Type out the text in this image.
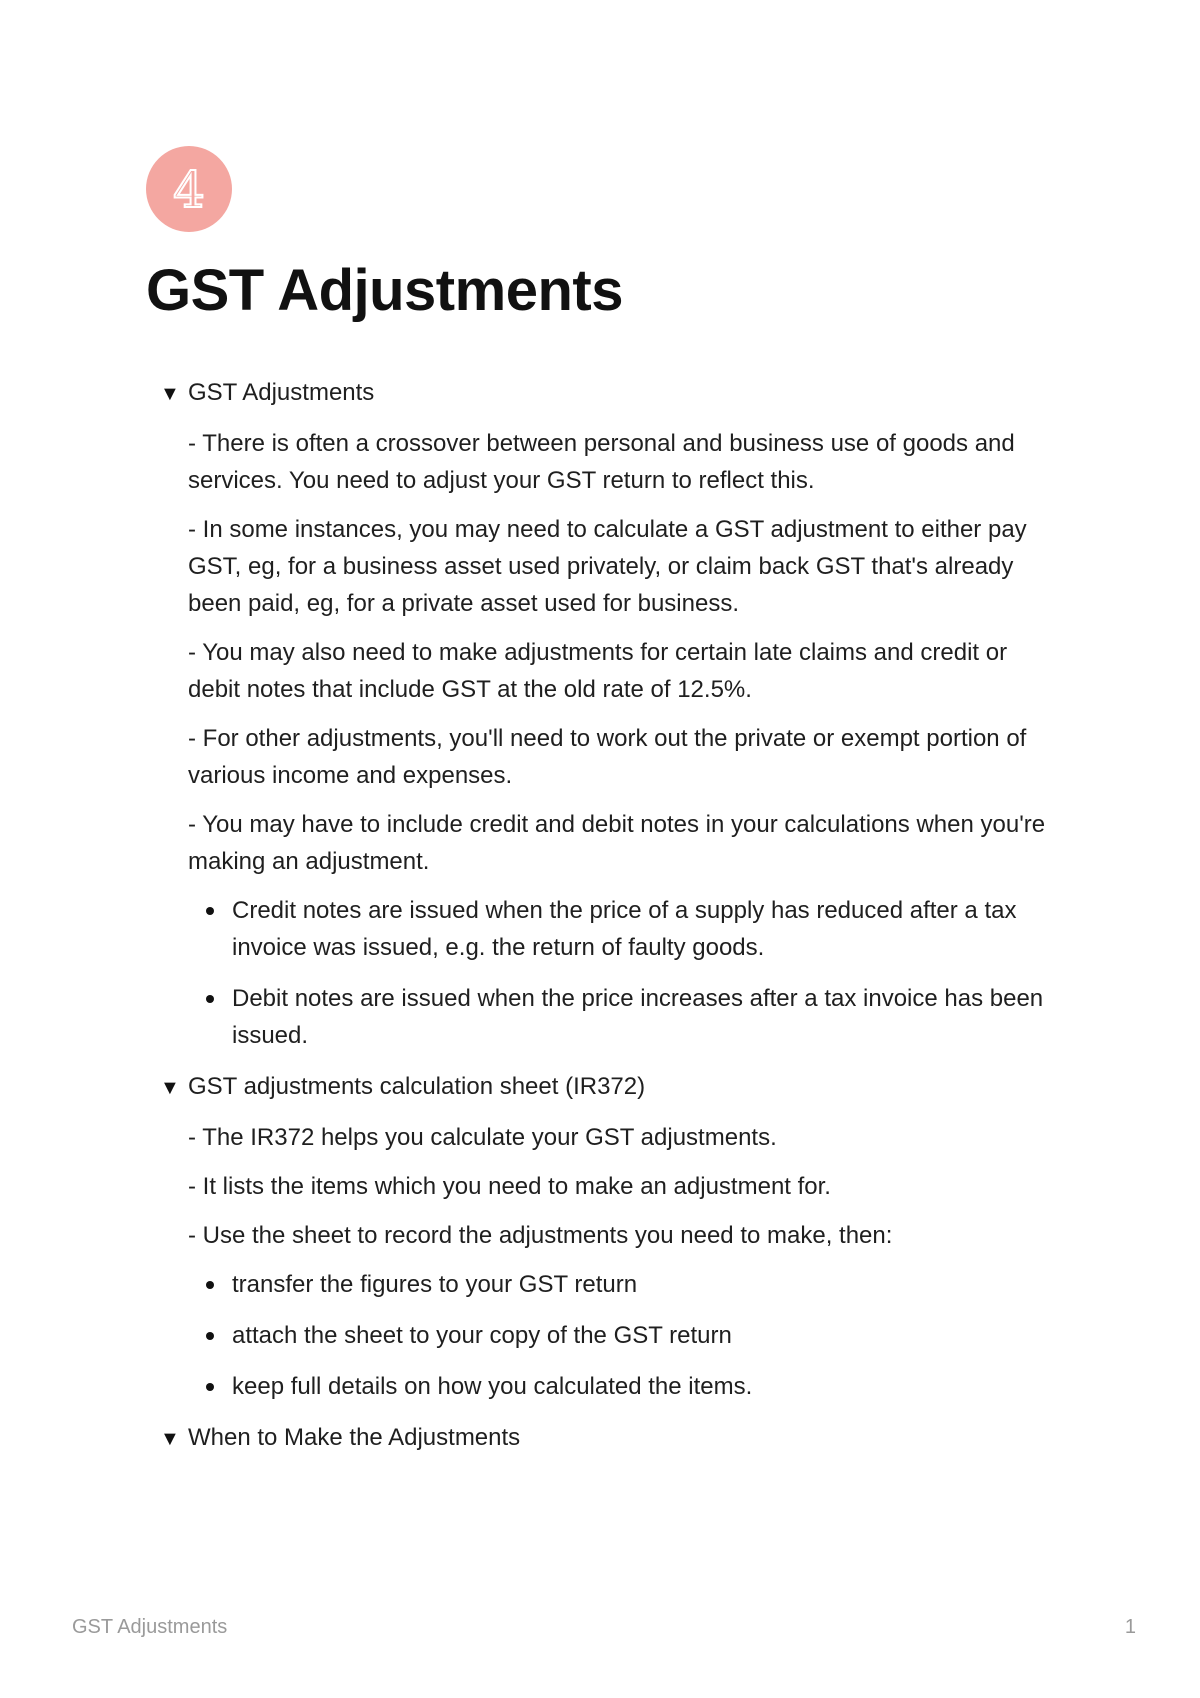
4
GST Adjustments
▼ GST Adjustments

- There is often a crossover between personal and business use of goods and services. You need to adjust your GST return to reflect this.

- In some instances, you may need to calculate a GST adjustment to either pay GST, eg, for a business asset used privately, or claim back GST that's already been paid, eg, for a private asset used for business.

- You may also need to make adjustments for certain late claims and credit or debit notes that include GST at the old rate of 12.5%.

- For other adjustments, you'll need to work out the private or exempt portion of various income and expenses.

- You may have to include credit and debit notes in your calculations when you're making an adjustment.

Credit notes are issued when the price of a supply has reduced after a tax invoice was issued, e.g. the return of faulty goods.
Debit notes are issued when the price increases after a tax invoice has been issued.
▼ GST adjustments calculation sheet (IR372)

- The IR372 helps you calculate your GST adjustments.

- It lists the items which you need to make an adjustment for.

- Use the sheet to record the adjustments you need to make, then:

transfer the figures to your GST return
attach the sheet to your copy of the GST return
keep full details on how you calculated the items.
▼ When to Make the Adjustments
GST Adjustments	1
